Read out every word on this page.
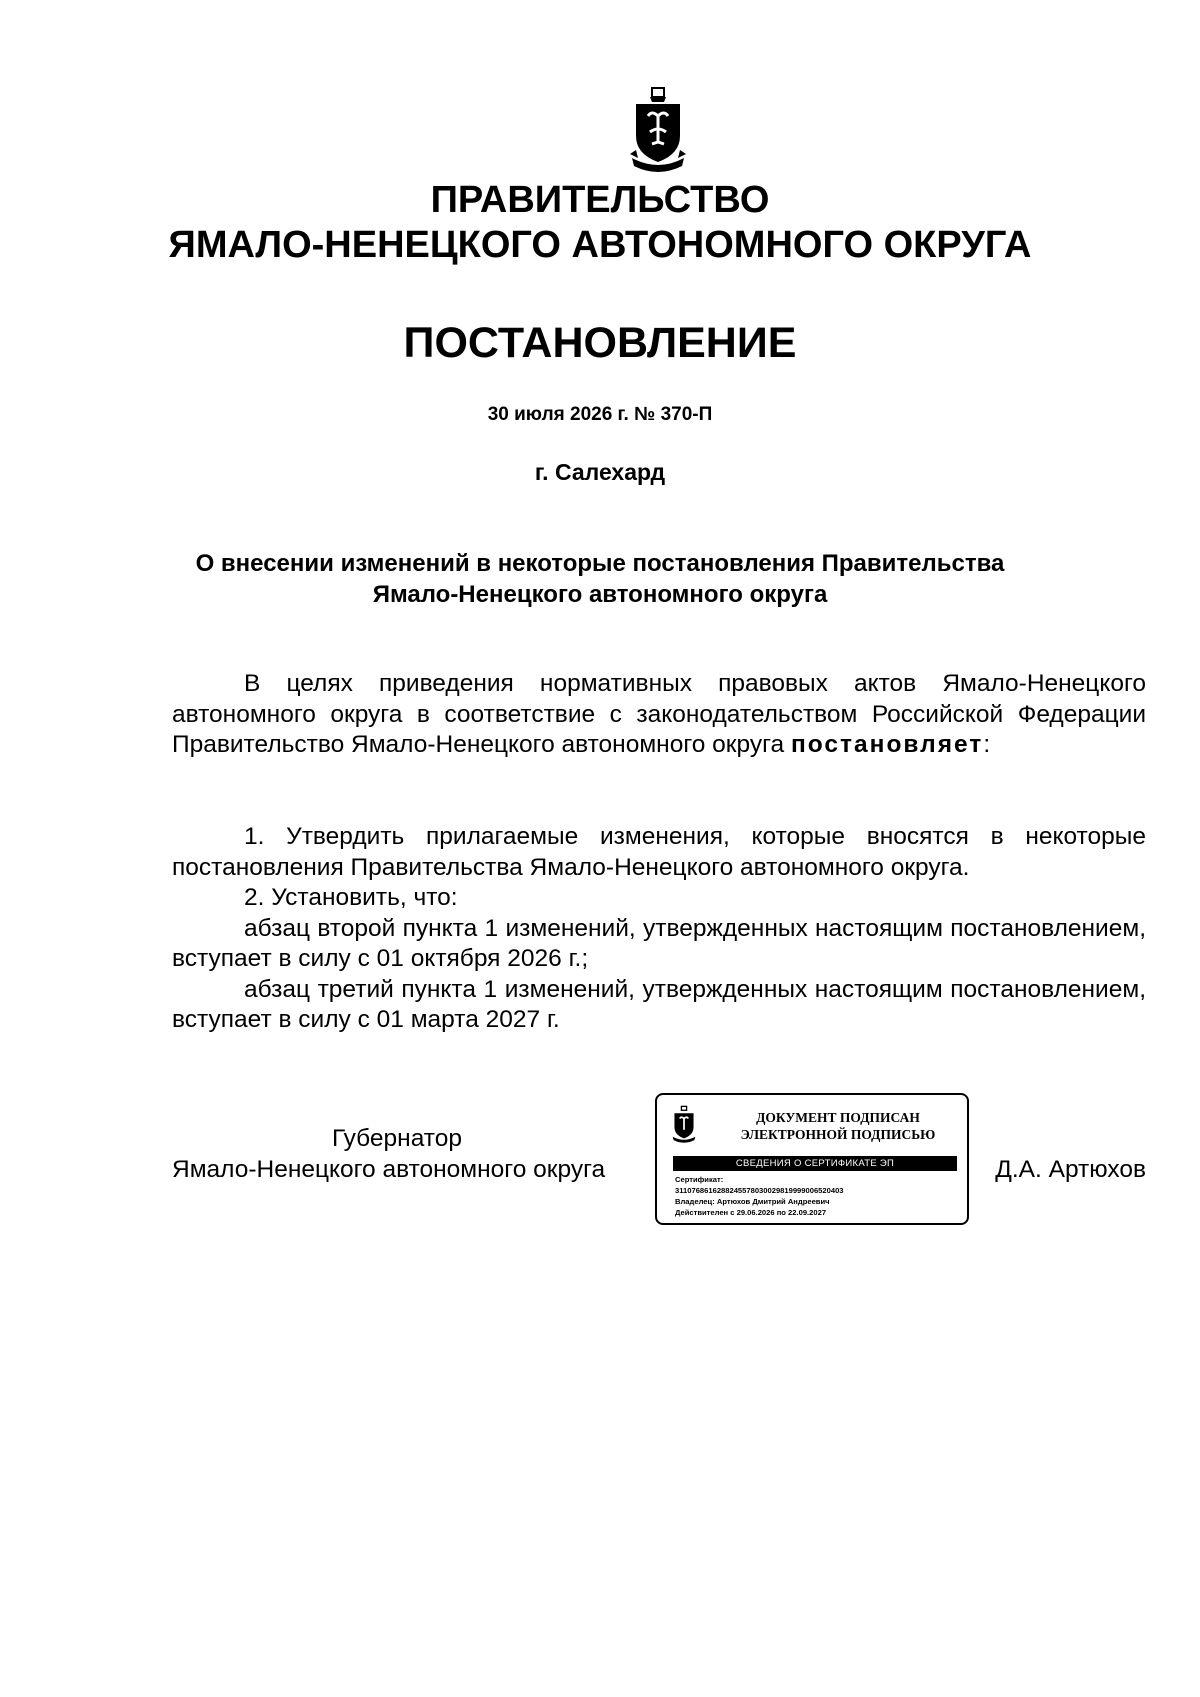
ПРАВИТЕЛЬСТВО
ЯМАЛО-НЕНЕЦКОГО АВТОНОМНОГО ОКРУГА
ПОСТАНОВЛЕНИЕ
30 июля 2026 г. № 370-П
г. Салехард
О внесении изменений в некоторые постановления Правительства
Ямало-Ненецкого автономного округа

В целях приведения нормативных правовых актов Ямало-Ненецкого автономного округа в соответствие с законодательством Российской Федерации Правительство Ямало-Ненецкого автономного округа постановляет:

1. Утвердить прилагаемые изменения, которые вносятся в некоторые постановления Правительства Ямало-Ненецкого автономного округа.

2. Установить, что:

абзац второй пункта 1 изменений, утвержденных настоящим постановлением, вступает в силу с 01 октября 2026 г.;

абзац третий пункта 1 изменений, утвержденных настоящим постановлением, вступает в силу с 01 марта 2027 г.

Губернатор
Ямало-Ненецкого автономного округа
ДОКУМЕНТ ПОДПИСАН
ЭЛЕКТРОННОЙ ПОДПИСЬЮ
СВЕДЕНИЯ О СЕРТИФИКАТЕ ЭП
Сертификат:
3110768616288245578030029819999006520403
Владелец: Артюхов Дмитрий Андреевич
Действителен с 29.06.2026 по 22.09.2027
Д.А. Артюхов
